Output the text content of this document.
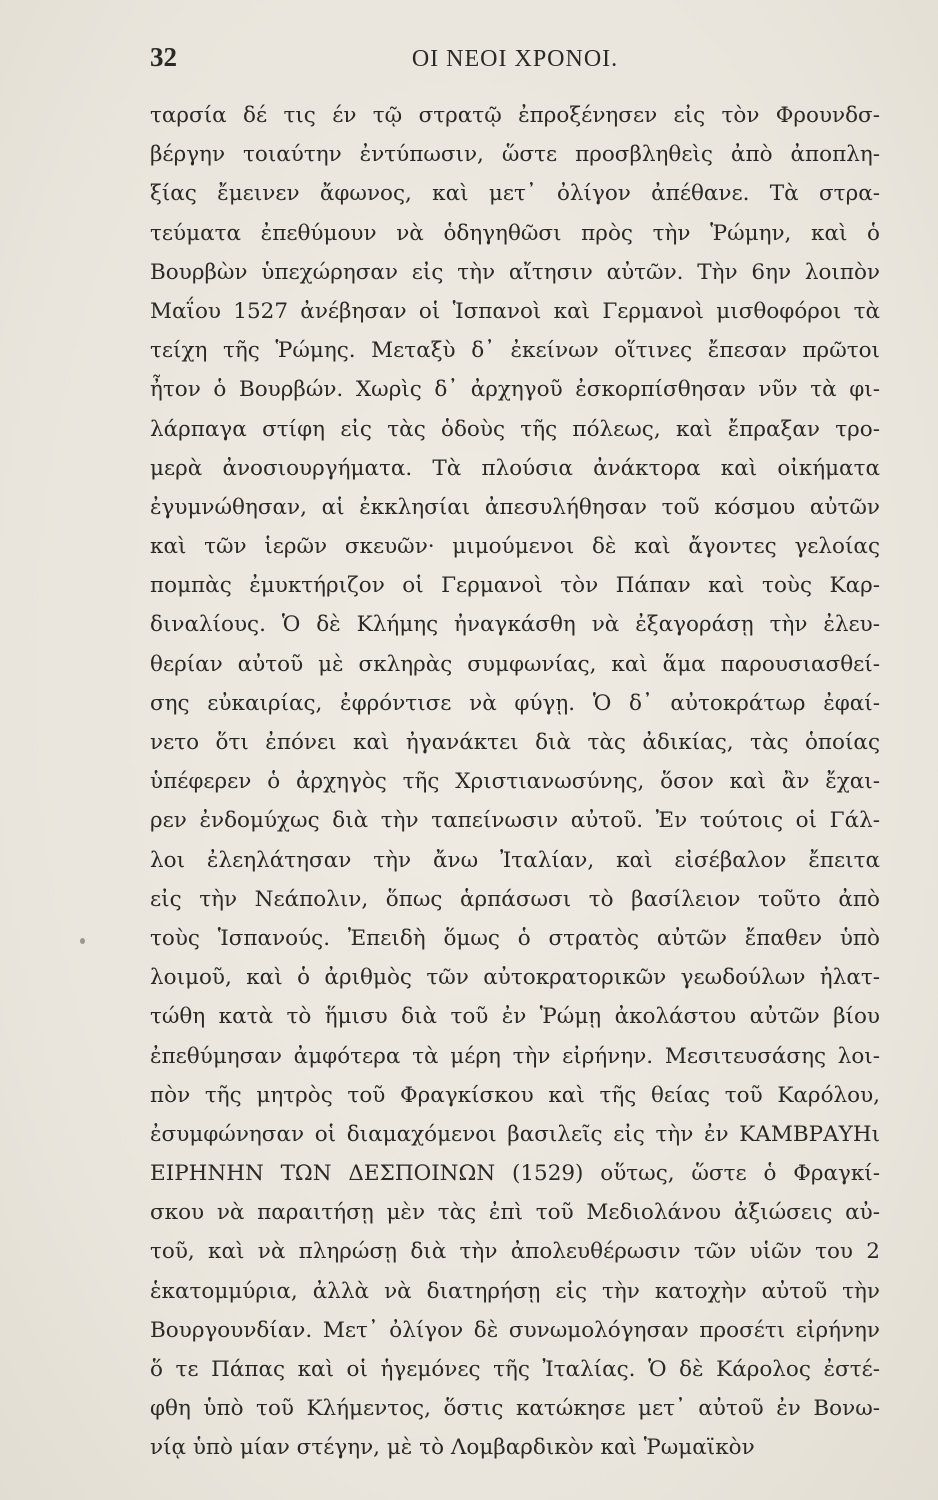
32	ΟΙ ΝΕΟΙ ΧΡΟΝΟΙ.
ταρσία δέ τις έν τῷ στρατῷ ἐπροξένησεν εἰς τὸν Φρουνδσ-
βέργην τοιαύτην ἐντύπωσιν, ὥστε προσβληθεὶς ἀπὸ ἀποπλη-
ξίας ἔμεινεν ἄφωνος, καὶ μετ᾽ ὀλίγον ἀπέθανε. Τὰ στρα-
τεύματα ἐπεθύμουν νὰ ὁδηγηθῶσι πρὸς τὴν Ῥώμην, καὶ ὁ
Βουρβὼν ὑπεχώρησαν εἰς τὴν αἴτησιν αὐτῶν. Τὴν 6ην λοιπὸν
Μαΐου 1527 ἀνέβησαν οἱ Ἱσπανοὶ καὶ Γερμανοὶ μισθοφόροι τὰ
τείχη τῆς Ῥώμης. Μεταξὺ δ᾽ ἐκείνων οἵτινες ἔπεσαν πρῶτοι
ἦτον ὁ Βουρβών. Χωρὶς δ᾽ ἀρχηγοῦ ἐσκορπίσθησαν νῦν τὰ φι-
λάρπαγα στίφη εἰς τὰς ὁδοὺς τῆς πόλεως, καὶ ἔπραξαν τρο-
μερὰ ἀνοσιουργήματα. Τὰ πλούσια ἀνάκτορα καὶ οἰκήματα
ἐγυμνώθησαν, αἱ ἐκκλησίαι ἀπεσυλήθησαν τοῦ κόσμου αὐτῶν
καὶ τῶν ἱερῶν σκευῶν· μιμούμενοι δὲ καὶ ἄγοντες γελοίας
πομπὰς ἐμυκτήριζον οἱ Γερμανοὶ τὸν Πάπαν καὶ τοὺς Καρ-
διναλίους. Ὁ δὲ Κλήμης ἠναγκάσθη νὰ ἐξαγοράσῃ τὴν ἐλευ-
θερίαν αὐτοῦ μὲ σκληρὰς συμφωνίας, καὶ ἅμα παρουσιασθεί-
σης εὐκαιρίας, ἐφρόντισε νὰ φύγῃ. Ὁ δ᾽ αὐτοκράτωρ ἐφαί-
νετο ὅτι ἐπόνει καὶ ἠγανάκτει διὰ τὰς ἀδικίας, τὰς ὁποίας
ὑπέφερεν ὁ ἀρχηγὸς τῆς Χριστιανωσύνης, ὅσον καὶ ἂν ἔχαι-
ρεν ἐνδομύχως διὰ τὴν ταπείνωσιν αὐτοῦ. Ἐν τούτοις οἱ Γάλ-
λοι ἐλεηλάτησαν τὴν ἄνω Ἰταλίαν, καὶ εἰσέβαλον ἔπειτα
εἰς τὴν Νεάπολιν, ὅπως ἁρπάσωσι τὸ βασίλειον τοῦτο ἀπὸ
τοὺς Ἱσπανούς. Ἐπειδὴ ὅμως ὁ στρατὸς αὐτῶν ἔπαθεν ὑπὸ
λοιμοῦ, καὶ ὁ ἀριθμὸς τῶν αὐτοκρατορικῶν γεωδούλων ἠλατ-
τώθη κατὰ τὸ ἥμισυ διὰ τοῦ ἐν Ῥώμῃ ἀκολάστου αὐτῶν βίου
ἐπεθύμησαν ἀμφότερα τὰ μέρη τὴν εἰρήνην. Μεσιτευσάσης λοι-
πὸν τῆς μητρὸς τοῦ Φραγκίσκου καὶ τῆς θείας τοῦ Καρόλου,
ἐσυμφώνησαν οἱ διαμαχόμενοι βασιλεῖς εἰς τὴν ἐν ΚΑΜΒΡΑΥΗι
ΕΙΡΗΝΗΝ ΤΩΝ ΔΕΣΠΟΙΝΩΝ (1529) οὕτως, ὥστε ὁ Φραγκί-
σκου νὰ παραιτήσῃ μὲν τὰς ἐπὶ τοῦ Μεδιολάνου ἀξιώσεις αὐ-
τοῦ, καὶ νὰ πληρώσῃ διὰ τὴν ἀπολευθέρωσιν τῶν υἱῶν του 2
ἑκατομμύρια, ἀλλὰ νὰ διατηρήσῃ εἰς τὴν κατοχὴν αὐτοῦ τὴν
Βουργουνδίαν. Μετ᾽ ὀλίγον δὲ συνωμολόγησαν προσέτι εἰρήνην
ὅ τε Πάπας καὶ οἱ ἡγεμόνες τῆς Ἰταλίας. Ὁ δὲ Κάρολος ἐστέ-
φθη ὑπὸ τοῦ Κλήμεντος, ὅστις κατώκησε μετ᾽ αὐτοῦ ἐν Βονω-
νίᾳ ὑπὸ μίαν στέγην, μὲ τὸ Λομβαρδικὸν καὶ Ῥωμαϊκὸν
